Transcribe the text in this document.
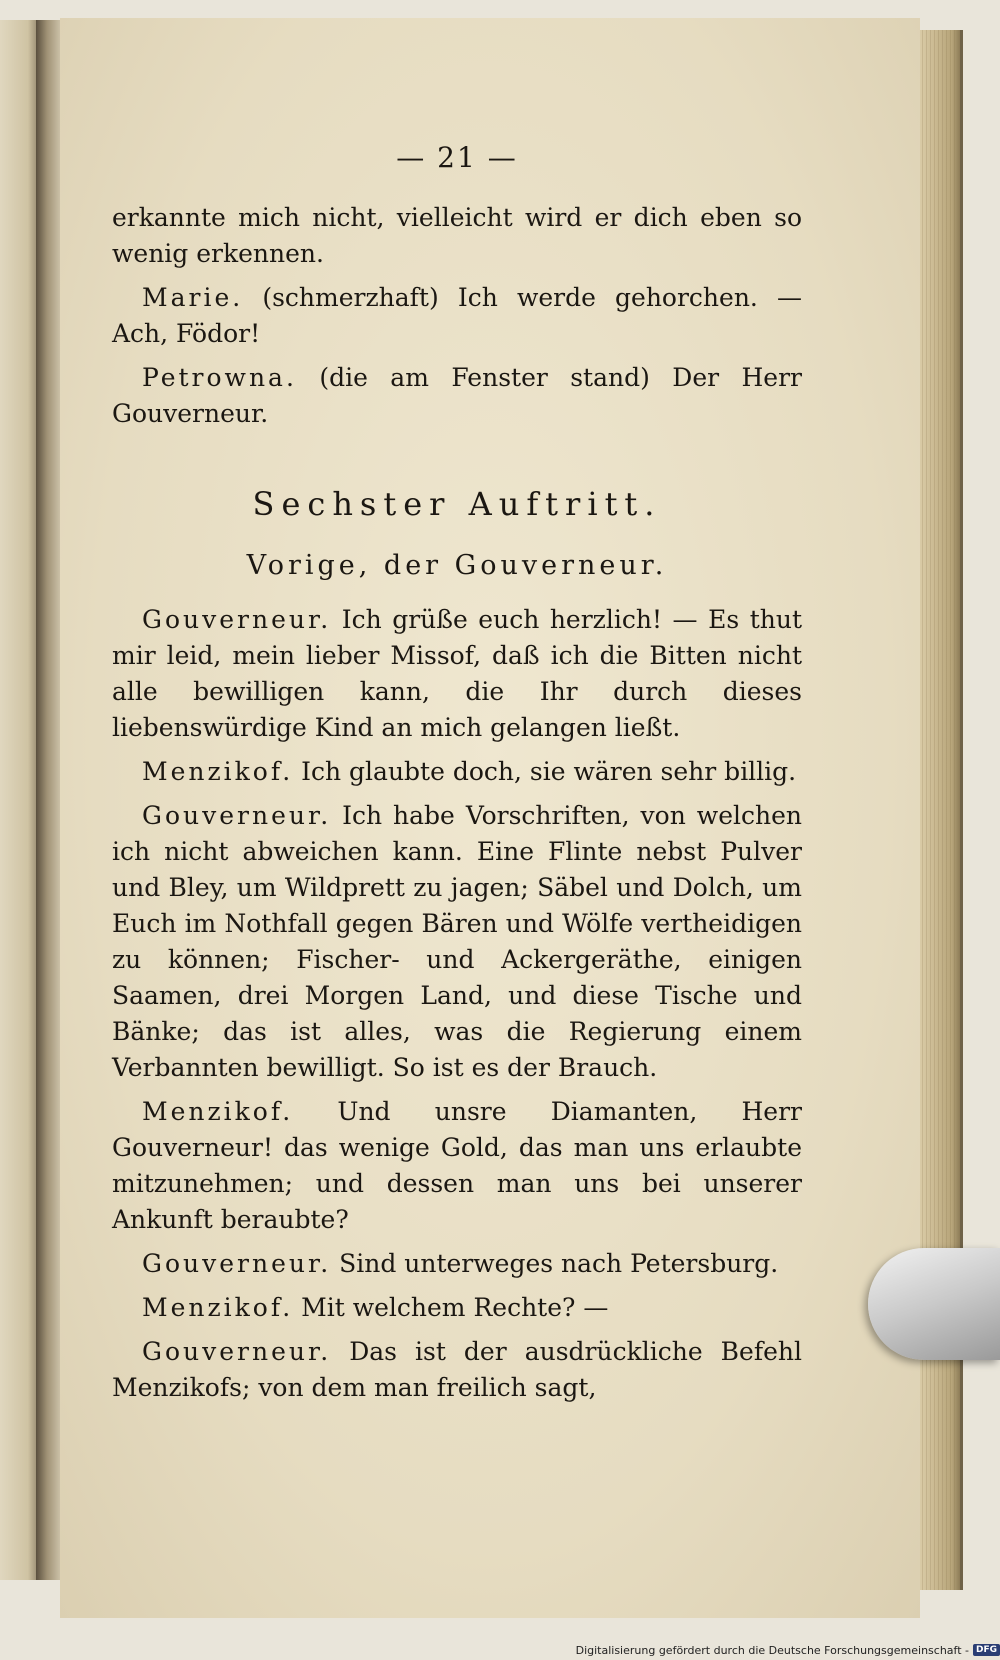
— 21 —

erkannte mich nicht, vielleicht wird er dich eben so wenig erkennen.

Marie. (schmerzhaft) Ich werde gehorchen. — Ach, Födor!

Petrowna. (die am Fenster stand) Der Herr Gouverneur.

Sechster Auftritt.
Vorige, der Gouverneur.

Gouverneur. Ich grüße euch herzlich! — Es thut mir leid, mein lieber Missof, daß ich die Bitten nicht alle bewilligen kann, die Ihr durch dieses liebenswürdige Kind an mich gelangen ließt.

Menzikof. Ich glaubte doch, sie wären sehr billig.

Gouverneur. Ich habe Vorschriften, von welchen ich nicht abweichen kann. Eine Flinte nebst Pulver und Bley, um Wildprett zu jagen; Säbel und Dolch, um Euch im Nothfall gegen Bären und Wölfe vertheidigen zu können; Fischer- und Ackergeräthe, einigen Saamen, drei Morgen Land, und diese Tische und Bänke; das ist alles, was die Regierung einem Verbannten bewilligt. So ist es der Brauch.

Menzikof. Und unsre Diamanten, Herr Gouverneur! das wenige Gold, das man uns erlaubte mitzunehmen; und dessen man uns bei unserer Ankunft beraubte?

Gouverneur. Sind unterweges nach Petersburg.

Menzikof. Mit welchem Rechte? —

Gouverneur. Das ist der ausdrückliche Befehl Menzikofs; von dem man freilich sagt,

Digitalisierung gefördert durch die Deutsche Forschungsgemeinschaft - DFG
